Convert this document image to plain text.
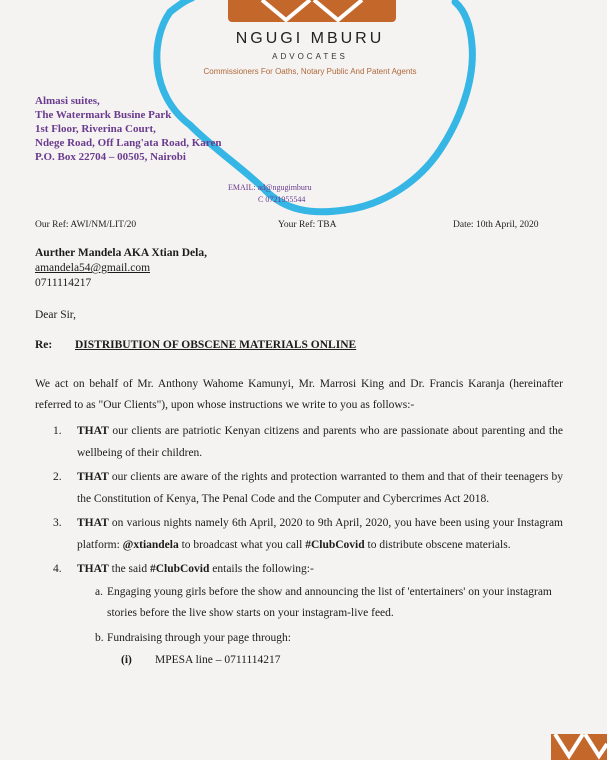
NGUGI MBURU
ADVOCATES
Commissioners For Oaths, Notary Public And Patent Agents
Almasi suites,
The Watermark Busine Park
1st Floor, Riverina Court,
Ndege Road, Off Lang'ata Road, Karen
P.O. Box 22704 – 00505, Nairobi
EMAIL: ad@ngugimburu
C 0721955544
Our Ref: AWI/NM/LIT/20	Your Ref: TBA	Date: 10th April, 2020
Aurther Mandela AKA Xtian Dela,
amandela54@gmail.com
0711114217
Dear Sir,
Re: DISTRIBUTION OF OBSCENE MATERIALS ONLINE
We act on behalf of Mr. Anthony Wahome Kamunyi, Mr. Marrosi King and Dr. Francis Karanja (hereinafter referred to as "Our Clients"), upon whose instructions we write to you as follows:-
1. THAT our clients are patriotic Kenyan citizens and parents who are passionate about parenting and the wellbeing of their children.
2. THAT our clients are aware of the rights and protection warranted to them and that of their teenagers by the Constitution of Kenya, The Penal Code and the Computer and Cybercrimes Act 2018.
3. THAT on various nights namely 6th April, 2020 to 9th April, 2020, you have been using your Instagram platform: @xtiandela to broadcast what you call #ClubCovid to distribute obscene materials.
4. THAT the said #ClubCovid entails the following:-
a. Engaging young girls before the show and announcing the list of 'entertainers' on your instagram stories before the live show starts on your instagram-live feed.
b. Fundraising through your page through:
(i) MPESA line – 0711114217
